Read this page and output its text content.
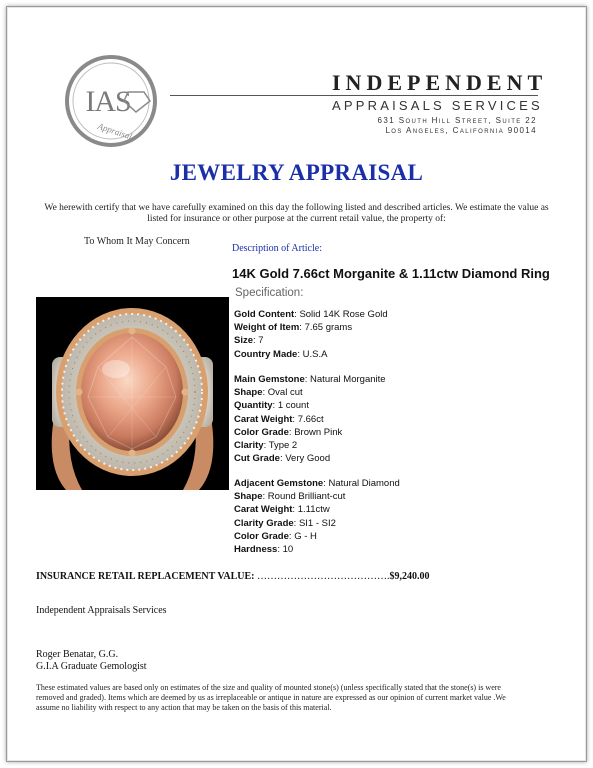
IAS
Appraisal
INDEPENDENT
APPRAISALS SERVICES
631 South Hill Street, Suite 22
Los Angeles, California 90014
JEWELRY APPRAISAL
We herewith certify that we have carefully examined on this day the following listed and described articles. We estimate the value as listed for insurance or other purpose at the current retail value, the property of:
To Whom It May Concern
Description of Article:
14K Gold 7.66ct Morganite & 1.11ctw Diamond Ring
Specification:
Gold Content: Solid 14K Rose Gold
Weight of Item: 7.65 grams
Size: 7
Country Made: U.S.A
Main Gemstone: Natural Morganite
Shape: Oval cut
Quantity: 1 count
Carat Weight: 7.66ct
Color Grade: Brown Pink
Clarity: Type 2
Cut Grade: Very Good
Adjacent Gemstone: Natural Diamond
Shape: Round Brilliant-cut
Carat Weight: 1.11ctw
Clarity Grade: SI1 - SI2
Color Grade: G - H
Hardness: 10
INSURANCE RETAIL REPLACEMENT VALUE: ………………………………….$9,240.00
Independent Appraisals Services
Roger Benatar, G.G.
G.I.A Graduate Gemologist
These estimated values are based only on estimates of the size and quality of mounted stone(s) (unless specifically stated that the stone(s) is were removed and graded). Items which are deemed by us as irreplaceable or antique in nature are expressed as our opinion of current market value .We assume no liability with respect to any action that may be taken on the basis of this material.
